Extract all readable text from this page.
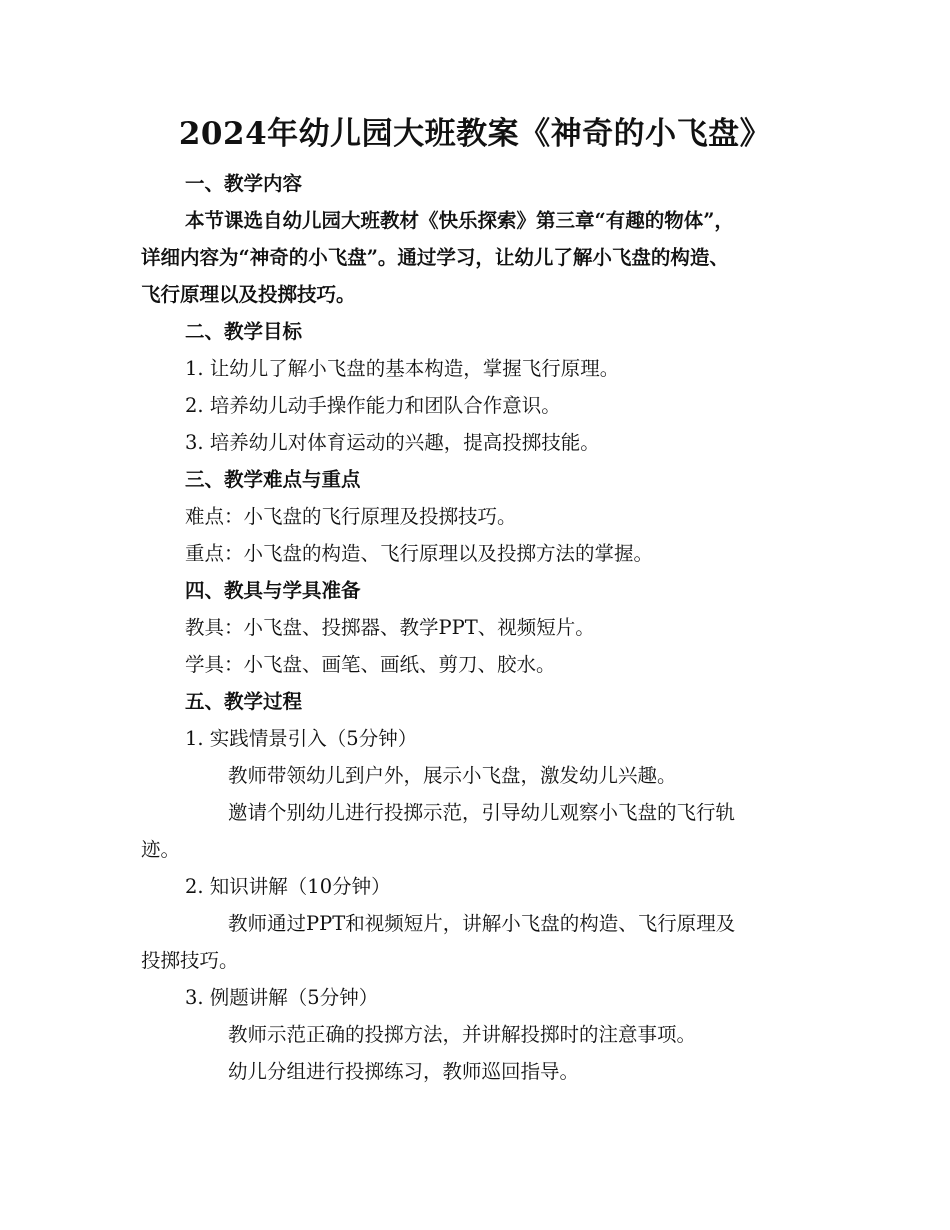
2024年幼儿园大班教案《神奇的小飞盘》
一、教学内容
本节课选自幼儿园大班教材《快乐探索》第三章“有趣的物体”，
详细内容为“神奇的小飞盘”。通过学习，让幼儿了解小飞盘的构造、
飞行原理以及投掷技巧。
二、教学目标
1. 让幼儿了解小飞盘的基本构造，掌握飞行原理。
2. 培养幼儿动手操作能力和团队合作意识。
3. 培养幼儿对体育运动的兴趣，提高投掷技能。
三、教学难点与重点
难点：小飞盘的飞行原理及投掷技巧。
重点：小飞盘的构造、飞行原理以及投掷方法的掌握。
四、教具与学具准备
教具：小飞盘、投掷器、教学PPT、视频短片。
学具：小飞盘、画笔、画纸、剪刀、胶水。
五、教学过程
1. 实践情景引入（5分钟）
教师带领幼儿到户外，展示小飞盘，激发幼儿兴趣。
邀请个别幼儿进行投掷示范，引导幼儿观察小飞盘的飞行轨
迹。
2. 知识讲解（10分钟）
教师通过PPT和视频短片，讲解小飞盘的构造、飞行原理及
投掷技巧。
3. 例题讲解（5分钟）
教师示范正确的投掷方法，并讲解投掷时的注意事项。
幼儿分组进行投掷练习，教师巡回指导。
